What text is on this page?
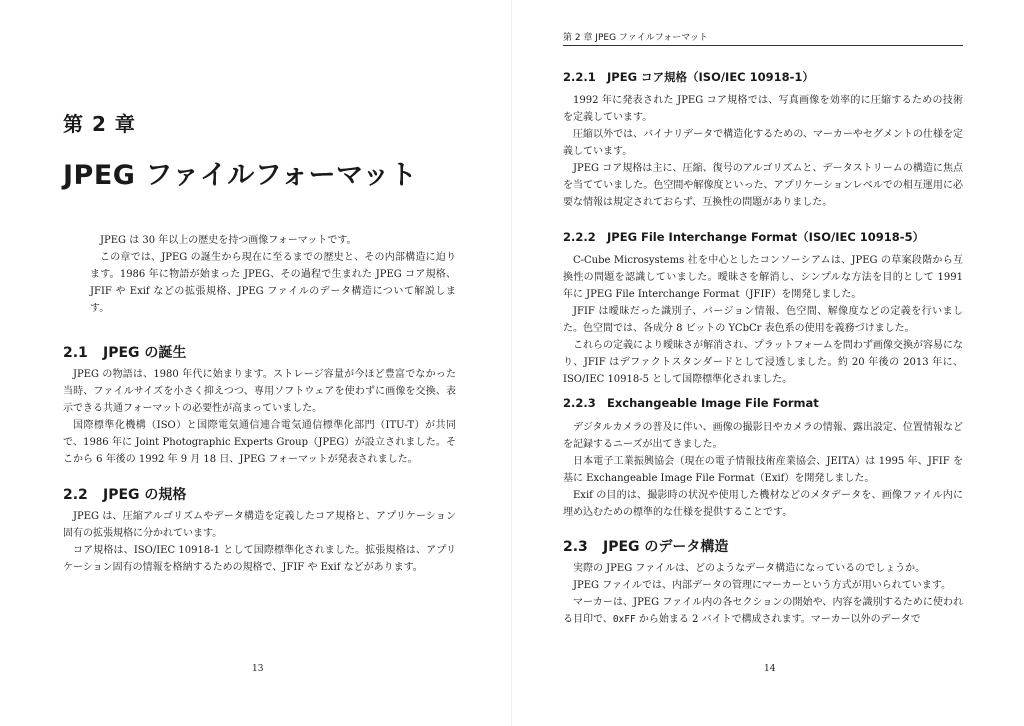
第 2 章
JPEG ファイルフォーマット

JPEG は 30 年以上の歴史を持つ画像フォーマットです。

この章では、JPEG の誕生から現在に至るまでの歴史と、その内部構造に迫ります。1986 年に物語が始まった JPEG、その過程で生まれた JPEG コア規格、JFIF や Exif などの拡張規格、JPEG ファイルのデータ構造について解説します。

2.1 JPEG の誕生

JPEG の物語は、1980 年代に始まります。ストレージ容量が今ほど豊富でなかった当時、ファイルサイズを小さく抑えつつ、専用ソフトウェアを使わずに画像を交換、表示できる共通フォーマットの必要性が高まっていました。

国際標準化機構（ISO）と国際電気通信連合電気通信標準化部門（ITU-T）が共同で、1986 年に Joint Photographic Experts Group（JPEG）が設立されました。そこから 6 年後の 1992 年 9 月 18 日、JPEG フォーマットが発表されました。

2.2 JPEG の規格

JPEG は、圧縮アルゴリズムやデータ構造を定義したコア規格と、アプリケーション固有の拡張規格に分かれています。

コア規格は、ISO/IEC 10918-1 として国際標準化されました。拡張規格は、アプリケーション固有の情報を格納するための規格で、JFIF や Exif などがあります。

13
第 2 章 JPEG ファイルフォーマット
2.2.1 JPEG コア規格（ISO/IEC 10918-1）

1992 年に発表された JPEG コア規格では、写真画像を効率的に圧縮するための技術を定義しています。

圧縮以外では、バイナリデータで構造化するための、マーカーやセグメントの仕様を定義しています。

JPEG コア規格は主に、圧縮、復号のアルゴリズムと、データストリームの構造に焦点を当てていました。色空間や解像度といった、アプリケーションレベルでの相互運用に必要な情報は規定されておらず、互換性の問題がありました。

2.2.2 JPEG File Interchange Format（ISO/IEC 10918-5）

C-Cube Microsystems 社を中心としたコンソーシアムは、JPEG の草案段階から互換性の問題を認識していました。曖昧さを解消し、シンプルな方法を目的として 1991 年に JPEG File Interchange Format（JFIF）を開発しました。

JFIF は曖昧だった識別子、バージョン情報、色空間、解像度などの定義を行いました。色空間では、各成分 8 ビットの YCbCr 表色系の使用を義務づけました。

これらの定義により曖昧さが解消され、プラットフォームを問わず画像交換が容易になり、JFIF はデファクトスタンダードとして浸透しました。約 20 年後の 2013 年に、ISO/IEC 10918-5 として国際標準化されました。

2.2.3 Exchangeable Image File Format

デジタルカメラの普及に伴い、画像の撮影日やカメラの情報、露出設定、位置情報などを記録するニーズが出てきました。

日本電子工業振興協会（現在の電子情報技術産業協会、JEITA）は 1995 年、JFIF を基に Exchangeable Image File Format（Exif）を開発しました。

Exif の目的は、撮影時の状況や使用した機材などのメタデータを、画像ファイル内に埋め込むための標準的な仕様を提供することです。

2.3 JPEG のデータ構造

実際の JPEG ファイルは、どのようなデータ構造になっているのでしょうか。

JPEG ファイルでは、内部データの管理にマーカーという方式が用いられています。

マーカーは、JPEG ファイル内の各セクションの開始や、内容を識別するために使われる目印で、0xFF から始まる 2 バイトで構成されます。マーカー以外のデータで

14
